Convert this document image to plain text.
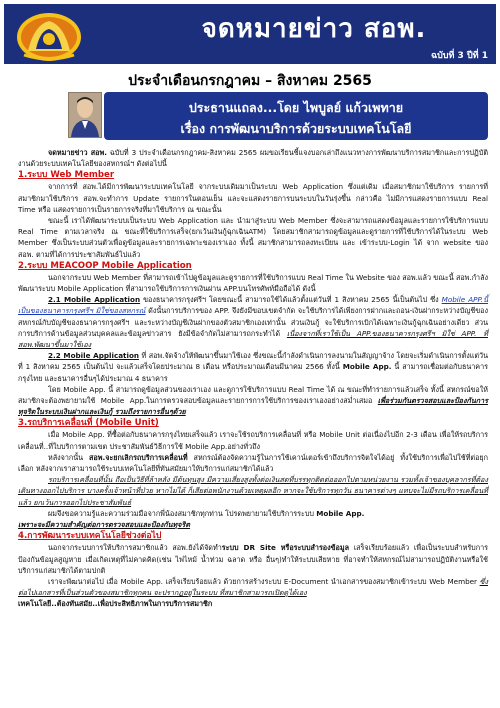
จดหมายข่าว สอพ.
ฉบับที่ 3 ปีที่ 1
ประจำเดือนกรกฎาคม – สิงหาคม 2565
ประธานแถลง...โดย ไพบูลย์ แก้วเพทาย
เรื่อง การพัฒนาบริการด้วยระบบเทคโนโลยี

จดหมายข่าว สอพ. ฉบับที่ 3 ประจำเดือนกรกฎาคม-สิงหาคม 2565 ผมขอเรียนชี้แจงบอกเล่าถึงแนวทางการพัฒนาบริการสมาชิกและการปฏิบัติงานด้วยระบบเทคโนโลยีของสหกรณ์ฯ ดังต่อไปนี้

1.ระบบ Web Member

จากการที่ สอพ.ได้มีการพัฒนาระบบเทคโนโลยี จากระบบเดิมมาเป็นระบบ Web Application ซึ่งแต่เดิม เมื่อสมาชิกมาใช้บริการ รายการที่สมาชิกมาใช้บริการ สอพ.จะทำการ Update รายการในตอนเย็น และจะแสดงรายการบนระบบในวันรุ่งขึ้น กล่าวคือ ไม่มีการแสดงรายการแบบ Real Time หรือ แสดงรายการเป็นรายการจริงที่มาใช้บริการ ณ ขณะนั้น

ขณะนี้ เราได้พัฒนาระบบเป็นระบบ Web Application และ นำมาสู่ระบบ Web Member ซึ่งจะสามารถแสดงข้อมูลและรายการใช้บริการแบบ Real Time ตามเวลาจริง ณ ขณะที่ใช้บริการเสร็จ(ยกเว้นเงินกู้ฉุกเฉินATM) โดยสมาชิกสามารถดูข้อมูลและดูรายการที่ใช้บริการได้ในระบบ Web Member ซึ่งเป็นระบบส่วนตัวเพื่อดูข้อมูลและรายการเฉพาะของเราเอง ทั้งนี้ สมาชิกสามารถลงทะเบียน และ เข้าระบบ-Login ได้ จาก website ของ สอพ. ตามที่ได้การประชาสัมพันธ์ไปแล้ว

2.ระบบ MEACOOP Mobile Application

นอกจากระบบ Web Member ที่สามารถเข้าไปดูข้อมูลและดูรายการที่ใช้บริการแบบ Real Time ใน Website ของ สอพ.แล้ว ขณะนี้ สอพ.กำลังพัฒนาระบบ Mobile Application ที่สามารถใช้บริการการเงินผ่าน APP.บนโทรศัพท์มือถือได้ ดังนี้

2.1 Mobile Application ของธนาคารกรุงศรีฯ โดยขณะนี้ สามารถใช้ได้แล้วตั้งแต่วันที่ 1 สิงหาคม 2565 นี้เป็นต้นไป ซึ่ง Mobile APP.นี้ เป็นของธนาคารกรุงศรีฯ มิใช่ของสหกรณ์ ดังนั้นการบริการของ APP. จึงยังมีขอบเขตจำกัด จะใช้บริการได้เพียงการฝากและถอน-เงินฝากระหว่างบัญชีของสหกรณ์กับบัญชีของธนาคารกรุงศรีฯ และระหว่างบัญชีเงินฝากของตัวสมาชิกเองเท่านั้น ส่วนเงินกู้ จะใช้บริการเบิกได้เฉพาะเงินกู้ฉุกเฉินอย่างเดียว ส่วนการบริการด้านข้อมูลส่วนบุคคลและข้อมูลข่าวสาร ยังมีข้อจำกัดไม่สามารถกระทำได้ เนื่องจากที่เราใช้เป็น APP.ของธนาคารกรุงศรีฯ มิใช่ APP. ที่ สอพ.พัฒนาขึ้นมาใช้เอง

2.2 Mobile Application ที่ สอพ.จัดจ้างให้พัฒนาขึ้นมาใช้เอง ซึ่งขณะนี้กำลังดำเนินการลงนามในสัญญาจ้าง โดยจะเริ่มดำเนินการตั้งแต่วันที่ 1 สิงหาคม 2565 เป็นต้นไป จะแล้วเสร็จโดยประมาณ 8 เดือน หรือประมาณเดือนมีนาคม 2566 ทั้งนี้ Mobile App. นี้ สามารถเชื่อมต่อกับธนาคารกรุงไทย และธนาคารอื่นๆได้ประมาณ 4 ธนาคาร

โดย Mobile App. นี้ สามารถดูข้อมูลส่วนของเราเอง และดูการใช้บริการแบบ Real Time ได้ ณ ขณะที่ทำรายการแล้วเสร็จ ทั้งนี้ สหกรณ์ขอให้สมาชิกจะต้องพยายามใช้ Mobile App.ในการตรวจสอบข้อมูลและรายการการใช้บริการของเราเองอย่างสม่ำเสมอ เพื่อร่วมกันตรวจสอบและป้องกันการทุจริตในระบบเงินฝากและเงินกู้ รวมถึงรายการอื่นๆด้วย

3.รถบริการเคลื่อนที่ (Mobile Unit)

เมื่อ Mobile App. ที่ซื้อต่อกับธนาคารกรุงไทยเสร็จแล้ว เราจะใช้รถบริการเคลื่อนที่ หรือ Mobile Unit ต่อเนื่องไปอีก 2-3 เดือน เพื่อให้รถบริการเคลื่อนที่..ที่ใบบริการตามเขต ประชาสัมพันธ์วิธีการใช้ Mobile App.อย่างทั่วถึง

หลังจากนั้น สอพ.จะยกเลิกรถบริการเคลื่อนที่ สหกรณ์ต้องจัดความรู้ในการใช้เคาน์เตอร์เข้าถึงบริการจิตใจได้อยู่ ทั้งใช้บริการเพื่อไปใช้ที่ต่อยุกเลือก หลังจากเราสามารถใช้ระบบเทคโนโลยีที่ทันสมัยมาให้บริการแก่สมาชิกได้แล้ว

รถบริการเคลื่อนที่นั้น ถือเป็นวิธีที่ล้าหลัง มีต้นทุนสูง มีความเสี่ยงสูงทั้งต่อเงินสดที่บรรทุกติดต่อออกไปตามหน่วยงาน รวมทั้งเจ้าของบุคลากรที่ต้องเดินทางออกไปบริการ บางครั้งเจ้าหน้าที่ป่วย หากไม่ได้ ก็เสียต่อพนักงานด้วยเหตุผลอีก หากจะใช้บริการทุกวัน ธนาคารต่างๆ แทบจะไม่มีรถบริการเคลื่อนที่แล้ว ยกเว้นการออกไปประชาสัมพันธ์

ผมจึงขอความรู้และความร่วมมือจากพี่น้องสมาชิกทุกท่าน โปรดพยายามใช้บริการระบบ Mobile App.
เพราะจะมีความสำคัญต่อการตรวจสอบและป้องกันทุจริต

4.การพัฒนาระบบเทคโนโลยีช่วงต่อไป

นอกจากระบบการให้บริการสมาชิกแล้ว สอพ.ยังได้จัดทำระบบ DR Site หรือระบบสำรองข้อมูล เสร็จเรียบร้อยแล้ว เพื่อเป็นระบบสำหรับการป้องกันข้อมูลสูญหาย เมื่อเกิดเหตุที่ไม่คาดคิด(เช่น ไฟไหม้ น้ำท่วม ฉลาด หรือ อื่นๆ)ทำให้ระบบเสียหาย ที่อาจทำให้สหกรณ์ไม่สามารถปฏิบัติงานหรือใช้บริการแก่สมาชิกได้ตามปกติ

เราจะพัฒนาต่อไป เมื่อ Mobile App. เสร็จเรียบร้อยแล้ว ด้วยการสร้างระบบ E-Document นำเอกสารของสมาชิกเข้าระบบ Web Member ซึ่งต่อไปเอกสารที่เป็นส่วนตัวของสมาชิกทุกคน จะปรากฏอยู่ในระบบ ที่สมาชิกสามารถเปิดดูได้เอง

เทคโนโลยี..ต้องทันสมัย..เพื่อประสิทธิภาพในการบริการสมาชิก
